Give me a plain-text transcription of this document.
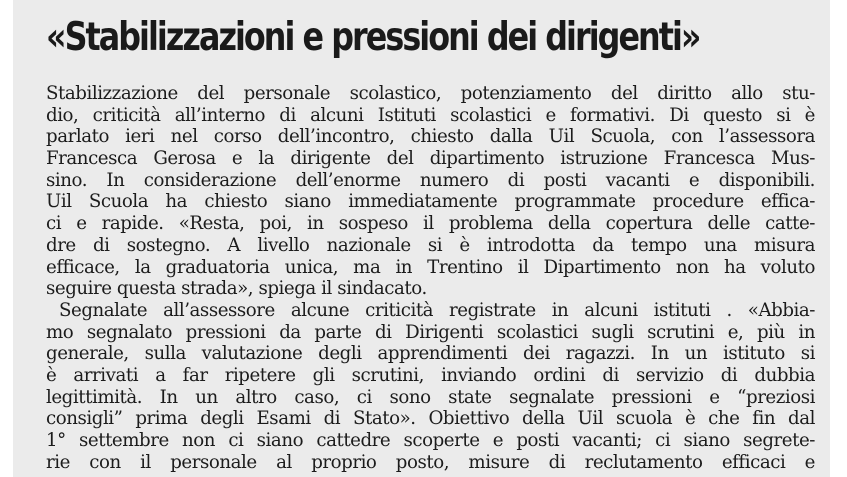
«Stabilizzazioni e pressioni dei dirigenti»
Stabilizzazione del personale scolastico, potenziamento del diritto allo stu-
dio, criticità all’interno di alcuni Istituti scolastici e formativi. Di questo si è
parlato ieri nel corso dell’incontro, chiesto dalla Uil Scuola, con l’assessora
Francesca Gerosa e la dirigente del dipartimento istruzione Francesca Mus-
sino. In considerazione dell’enorme numero di posti vacanti e disponibili.
Uil Scuola ha chiesto siano immediatamente programmate procedure effica-
ci e rapide. «Resta, poi, in sospeso il problema della copertura delle catte-
dre di sostegno. A livello nazionale si è introdotta da tempo una misura
efficace, la graduatoria unica, ma in Trentino il Dipartimento non ha voluto
seguire questa strada», spiega il sindacato.
Segnalate all’assessore alcune criticità registrate in alcuni istituti . «Abbia-
mo segnalato pressioni da parte di Dirigenti scolastici sugli scrutini e, più in
generale, sulla valutazione degli apprendimenti dei ragazzi. In un istituto si
è arrivati a far ripetere gli scrutini, inviando ordini di servizio di dubbia
legittimità. In un altro caso, ci sono state segnalate pressioni e “preziosi
consigli” prima degli Esami di Stato». Obiettivo della Uil scuola è che fin dal
1° settembre non ci siano cattedre scoperte e posti vacanti; ci siano segrete-
rie con il personale al proprio posto, misure di reclutamento efficaci e
